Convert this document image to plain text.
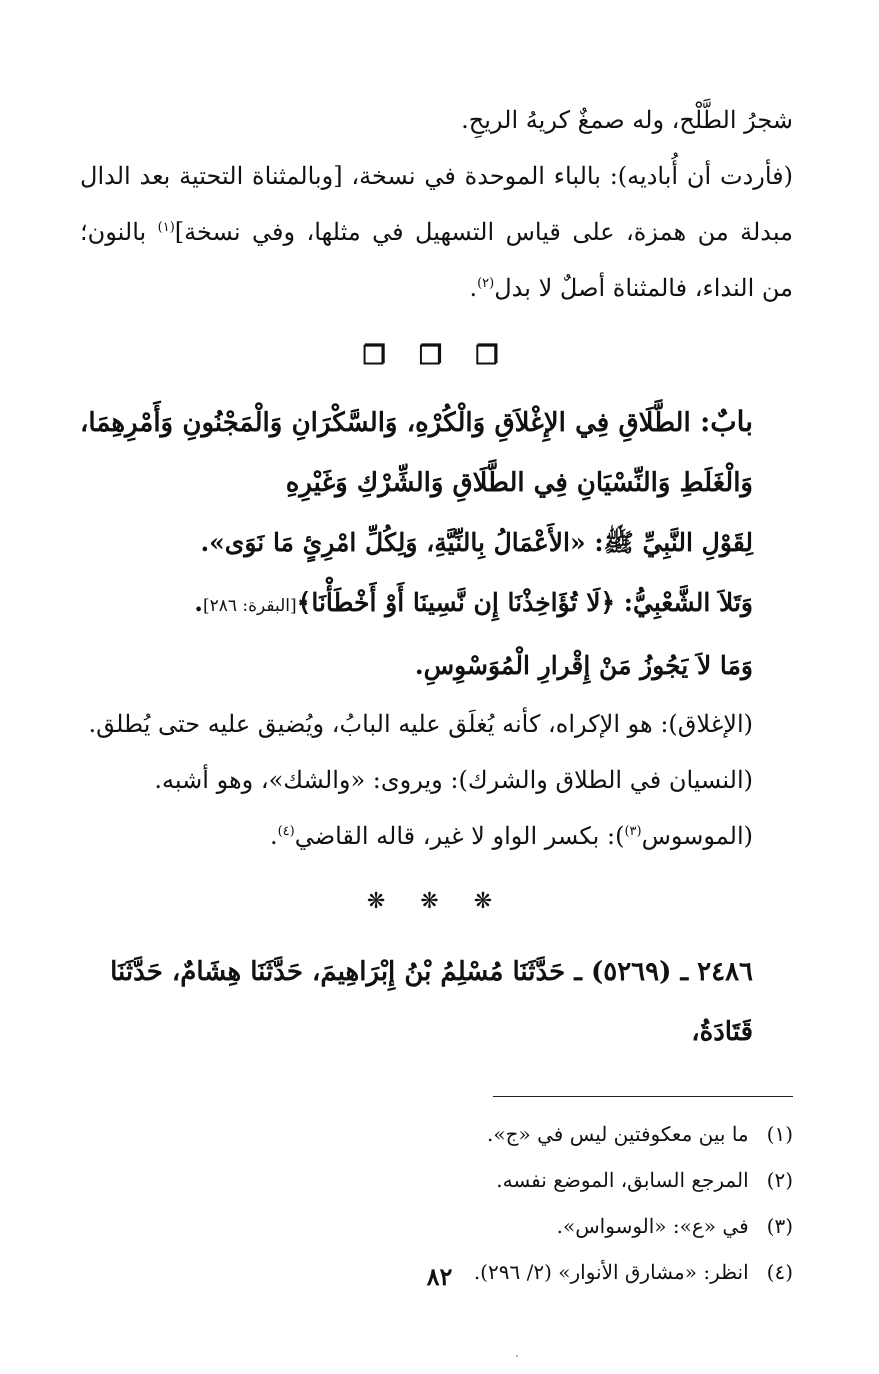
شجرُ الطَّلْح، وله صمغٌ كريهُ الريحِ.

(فأردت أن أُباديه): بالباء الموحدة في نسخة، [وبالمثناة التحتية بعد الدال مبدلة من همزة، على قياس التسهيل في مثلها، وفي نسخة]$^{(١)}$ بالنون؛ من النداء، فالمثناة أصلٌ لا بدل$^{(٢)}$.

❐ ❐ ❐

بابٌ: الطَّلَاقِ فِي الإِغْلاَقِ وَالْكُرْهِ، وَالسَّكْرَانِ وَالْمَجْنُونِ وَأَمْرِهِمَا، وَالْغَلَطِ وَالنِّسْيَانِ فِي الطَّلَاقِ وَالشِّرْكِ وَغَيْرِهِ

لِقَوْلِ النَّبِيِّ ﷺ: «الأَعْمَالُ بِالنِّيَّةِ، وَلِكُلِّ امْرِئٍ مَا نَوَى».

وَتَلاَ الشَّعْبِيُّ: ﴿لَا تُؤَاخِذْنَا إِن نَّسِينَا أَوْ أَخْطَأْنَا﴾[البقرة: ٢٨٦].

وَمَا لاَ يَجُوزُ مَنْ إِقْرارِ الْمُوَسْوِسِ.

(الإغلاق): هو الإكراه، كأنه يُغلَق عليه البابُ، ويُضيق عليه حتى يُطلق.

(النسيان في الطلاق والشرك): ويروى: «والشك»، وهو أشبه.

(الموسوس$^{(٣)}$): بكسر الواو لا غير، قاله القاضي$^{(٤)}$.

❋ ❋ ❋

٢٤٨٦ ـ (٥٢٦٩) ـ حَدَّثَنَا مُسْلِمُ بْنُ إِبْرَاهِيمَ، حَدَّثَنَا هِشَامٌ، حَدَّثَنَا قَتَادَةُ،

(١) ما بين معكوفتين ليس في «ج».
(٢) المرجع السابق، الموضع نفسه.
(٣) في «ع»: «الوسواس».
(٤) انظر: «مشارق الأنوار» (٢/ ٢٩٦).
٨٢
